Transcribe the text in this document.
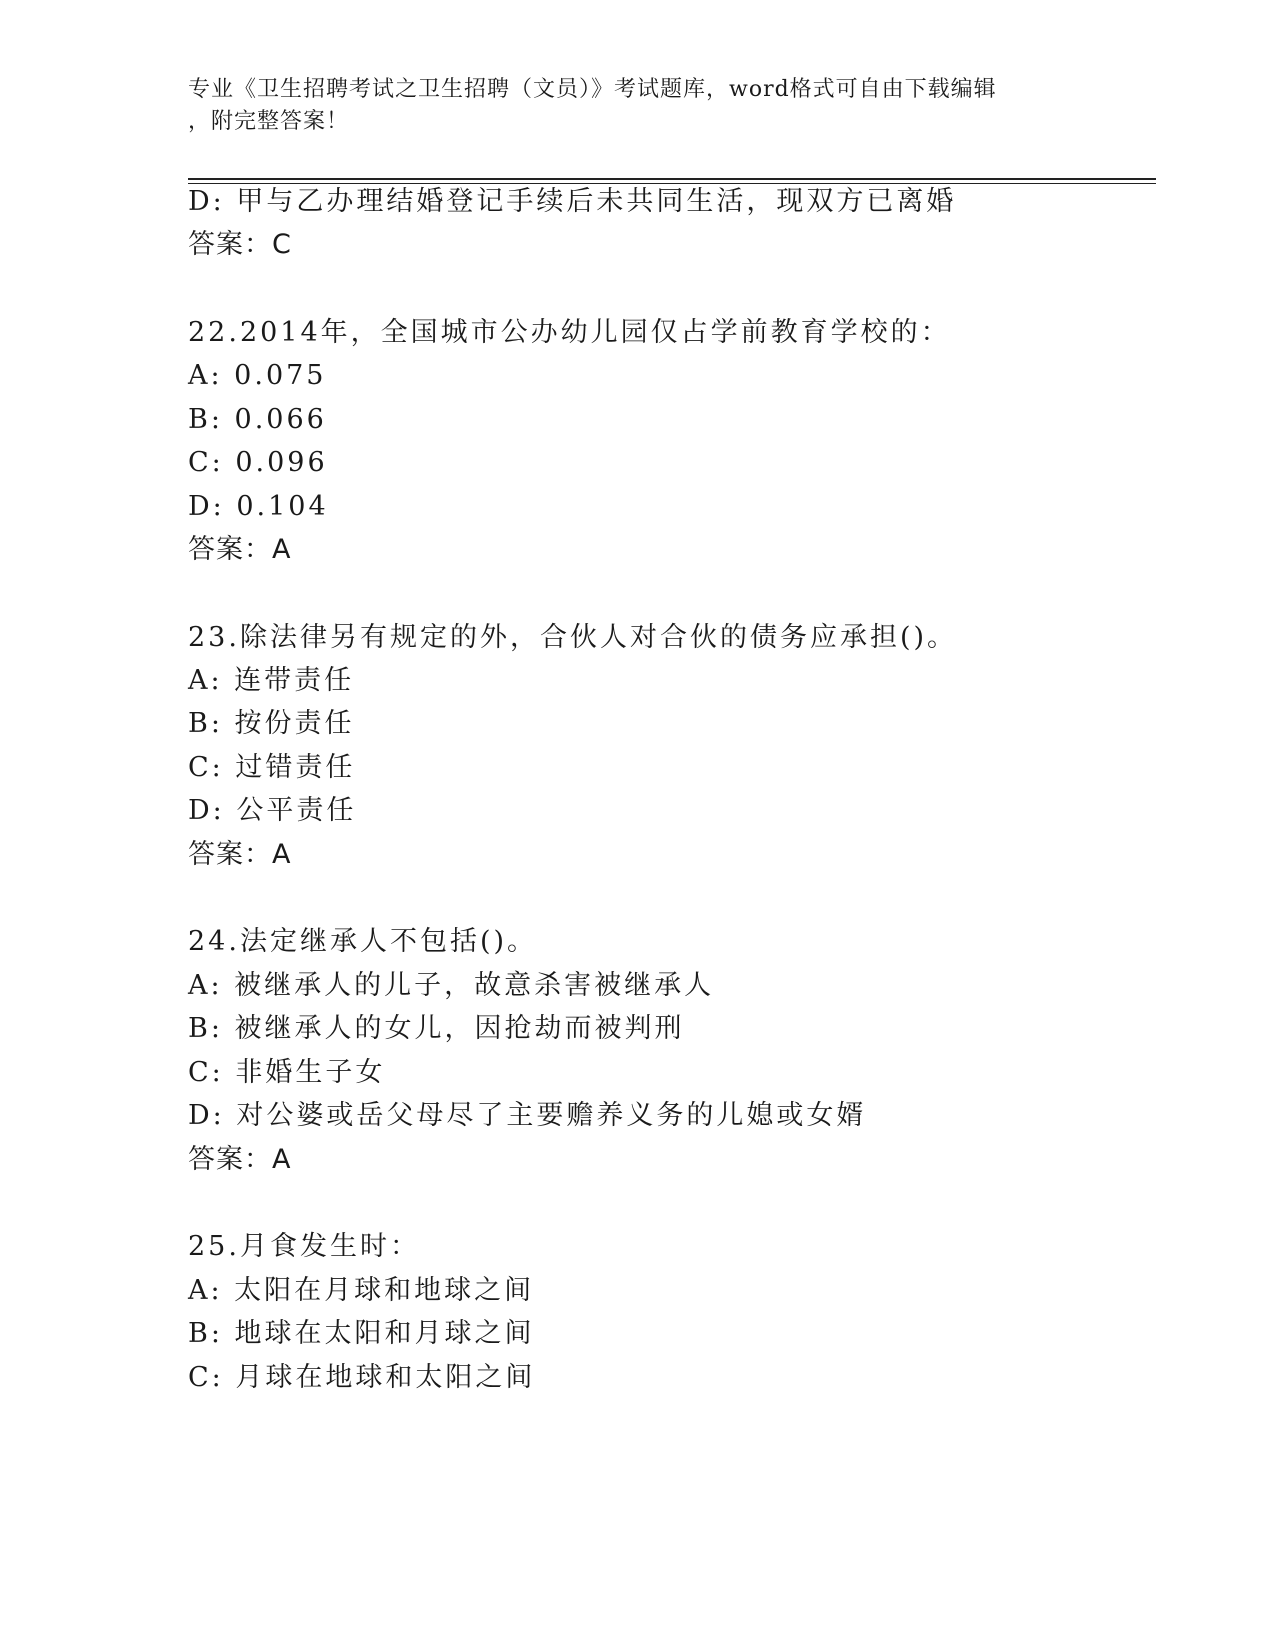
专业《卫生招聘考试之卫生招聘（文员）》考试题库，word格式可自由下载编辑
，附完整答案！
D: 甲与乙办理结婚登记手续后未共同生活，现双方已离婚
答案：C
22.2014年，全国城市公办幼儿园仅占学前教育学校的：
A: 0.075
B: 0.066
C: 0.096
D: 0.104
答案：A
23.除法律另有规定的外，合伙人对合伙的债务应承担()。
A: 连带责任
B: 按份责任
C: 过错责任
D: 公平责任
答案：A
24.法定继承人不包括()。
A: 被继承人的儿子，故意杀害被继承人
B: 被继承人的女儿，因抢劫而被判刑
C: 非婚生子女
D: 对公婆或岳父母尽了主要赡养义务的儿媳或女婿
答案：A
25.月食发生时：
A: 太阳在月球和地球之间
B: 地球在太阳和月球之间
C: 月球在地球和太阳之间
